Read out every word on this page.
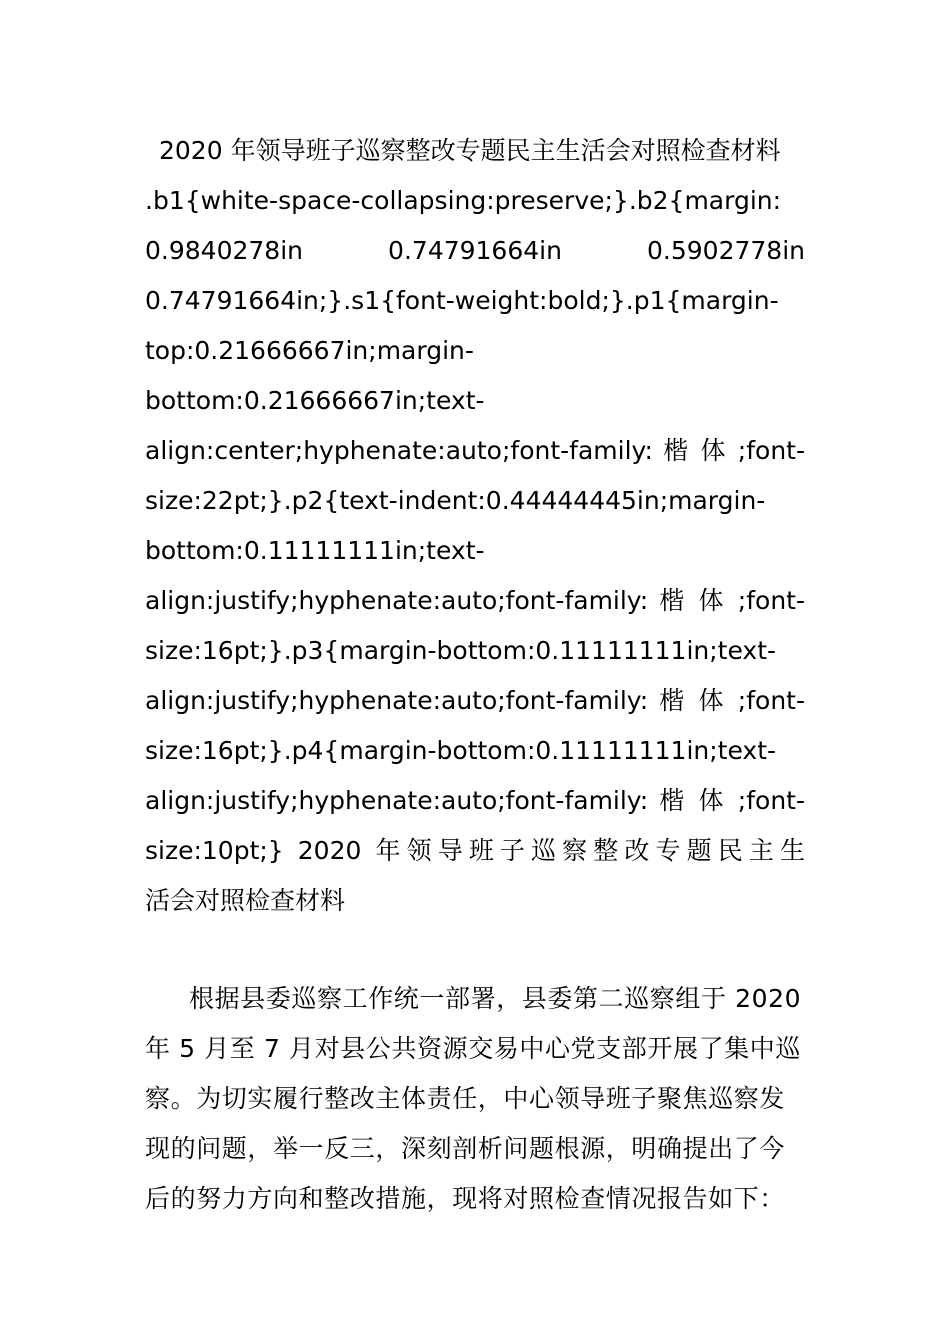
2020 年领导班子巡察整改专题民主生活会对照检查材料
.b1{white-space-collapsing:preserve;}.b2{margin:
0.9840278in 0.74791664in 0.5902778in
0.74791664in;}.s1{font-weight:bold;}.p1{margin-
top:0.21666667in;margin-
bottom:0.21666667in;text-
align:center;hyphenate:auto;font-family: 楷 体 ;font-
size:22pt;}.p2{text-indent:0.44444445in;margin-
bottom:0.11111111in;text-
align:justify;hyphenate:auto;font-family: 楷 体 ;font-
size:16pt;}.p3{margin-bottom:0.11111111in;text-
align:justify;hyphenate:auto;font-family: 楷 体 ;font-
size:16pt;}.p4{margin-bottom:0.11111111in;text-
align:justify;hyphenate:auto;font-family: 楷 体 ;font-
size:10pt;} 2020 年领导班子巡察整改专题民主生
活会对照检查材料
根据县委巡察工作统一部署，县委第二巡察组于 2020
年 5 月至 7 月对县公共资源交易中心党支部开展了集中巡
察。为切实履行整改主体责任，中心领导班子聚焦巡察发
现的问题，举一反三，深刻剖析问题根源，明确提出了今
后的努力方向和整改措施，现将对照检查情况报告如下：
